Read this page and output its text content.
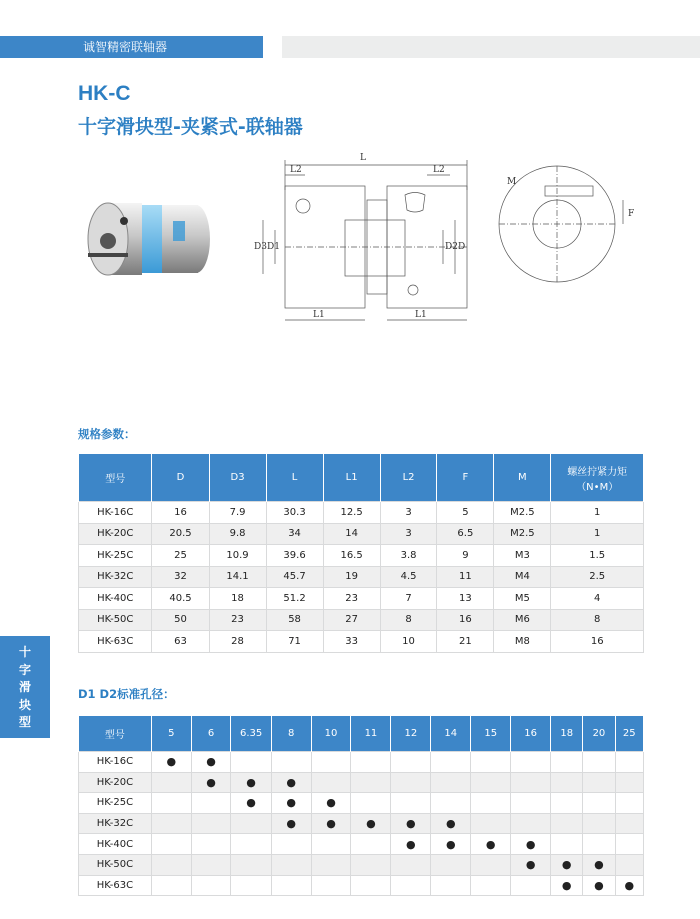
诚智精密联轴器
HK-C
十字滑块型-夹紧式-联轴器
L
L2	L2
L1	L1
D3 D1	D2 D
M
F
规格参数：
型号	D	D3	L	L1	L2	F	M	螺丝拧紧力矩
（N•M）
HK-16C	16	7.9	30.3	12.5	3	5	M2.5	1
HK-20C	20.5	9.8	34	14	3	6.5	M2.5	1
HK-25C	25	10.9	39.6	16.5	3.8	9	M3	1.5
HK-32C	32	14.1	45.7	19	4.5	11	M4	2.5
HK-40C	40.5	18	51.2	23	7	13	M5	4
HK-50C	50	23	58	27	8	16	M6	8
HK-63C	63	28	71	33	10	21	M8	16
D1 D2标准孔径：
型号	5	6	6.35	8	10	11	12	14	15	16	18	20	25
HK-16C	●	●											
HK-20C		●	●	●									
HK-25C			●	●	●								
HK-32C				●	●	●	●	●					
HK-40C							●	●	●	●			
HK-50C										●	●	●	
HK-63C											●	●	●
十字滑块型
